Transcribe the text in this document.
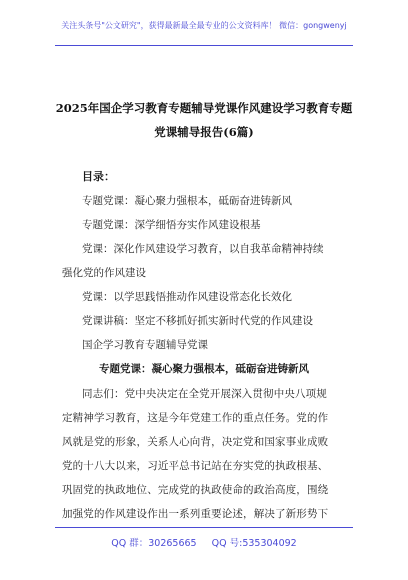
关注头条号"公文研究"，获得最新最全最专业的公文资料库！ 微信：gongwenyj
2025年国企学习教育专题辅导党课作风建设学习教育专题
党课辅导报告(6篇)
目录：
专题党课：凝心聚力强根本，砥砺奋进铸新风
专题党课：深学细悟夯实作风建设根基
党课：深化作风建设学习教育，以自我革命精神持续
强化党的作风建设
党课：以学思践悟推动作风建设常态化长效化
党课讲稿：坚定不移抓好抓实新时代党的作风建设
国企学习教育专题辅导党课
专题党课：凝心聚力强根本，砥砺奋进铸新风
同志们：党中央决定在全党开展深入贯彻中央八项规
定精神学习教育，这是今年党建工作的重点任务。党的作
风就是党的形象，关系人心向背，决定党和国家事业成败
党的十八大以来，习近平总书记站在夯实党的执政根基、
巩固党的执政地位、完成党的执政使命的政治高度，围绕
加强党的作风建设作出一系列重要论述，解决了新形势下
QQ 群：30265665 QQ 号:535304092
